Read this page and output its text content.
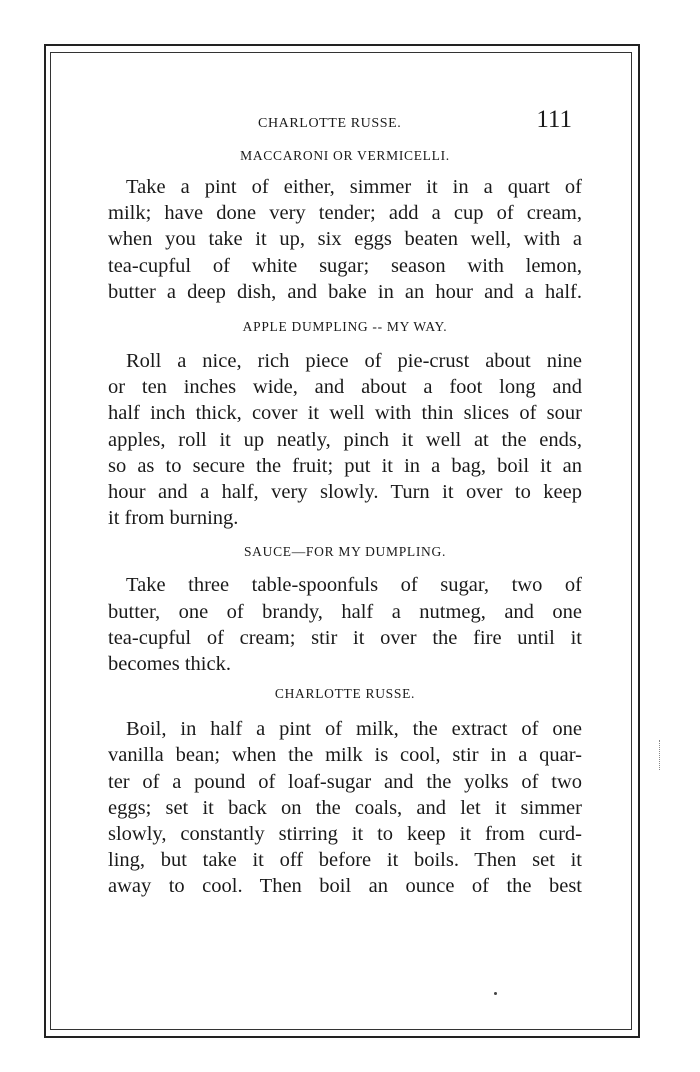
CHARLOTTE RUSSE.	111
MACCARONI OR VERMICELLI.

Take a pint of either, simmer it in a quart of
milk; have done very tender; add a cup of cream,
when you take it up, six eggs beaten well, with a
tea-cupful of white sugar; season with lemon,
butter a deep dish, and bake in an hour and a half.

APPLE DUMPLING -- MY WAY.

Roll a nice, rich piece of pie-crust about nine
or ten inches wide, and about a foot long and
half inch thick, cover it well with thin slices of sour
apples, roll it up neatly, pinch it well at the ends,
so as to secure the fruit; put it in a bag, boil it an
hour and a half, very slowly. Turn it over to keep
it from burning.

SAUCE—FOR MY DUMPLING.

Take three table-spoonfuls of sugar, two of
butter, one of brandy, half a nutmeg, and one
tea-cupful of cream; stir it over the fire until it
becomes thick.

CHARLOTTE RUSSE.

Boil, in half a pint of milk, the extract of one
vanilla bean; when the milk is cool, stir in a quar-
ter of a pound of loaf-sugar and the yolks of two
eggs; set it back on the coals, and let it simmer
slowly, constantly stirring it to keep it from curd-
ling, but take it off before it boils. Then set it
away to cool. Then boil an ounce of the best
